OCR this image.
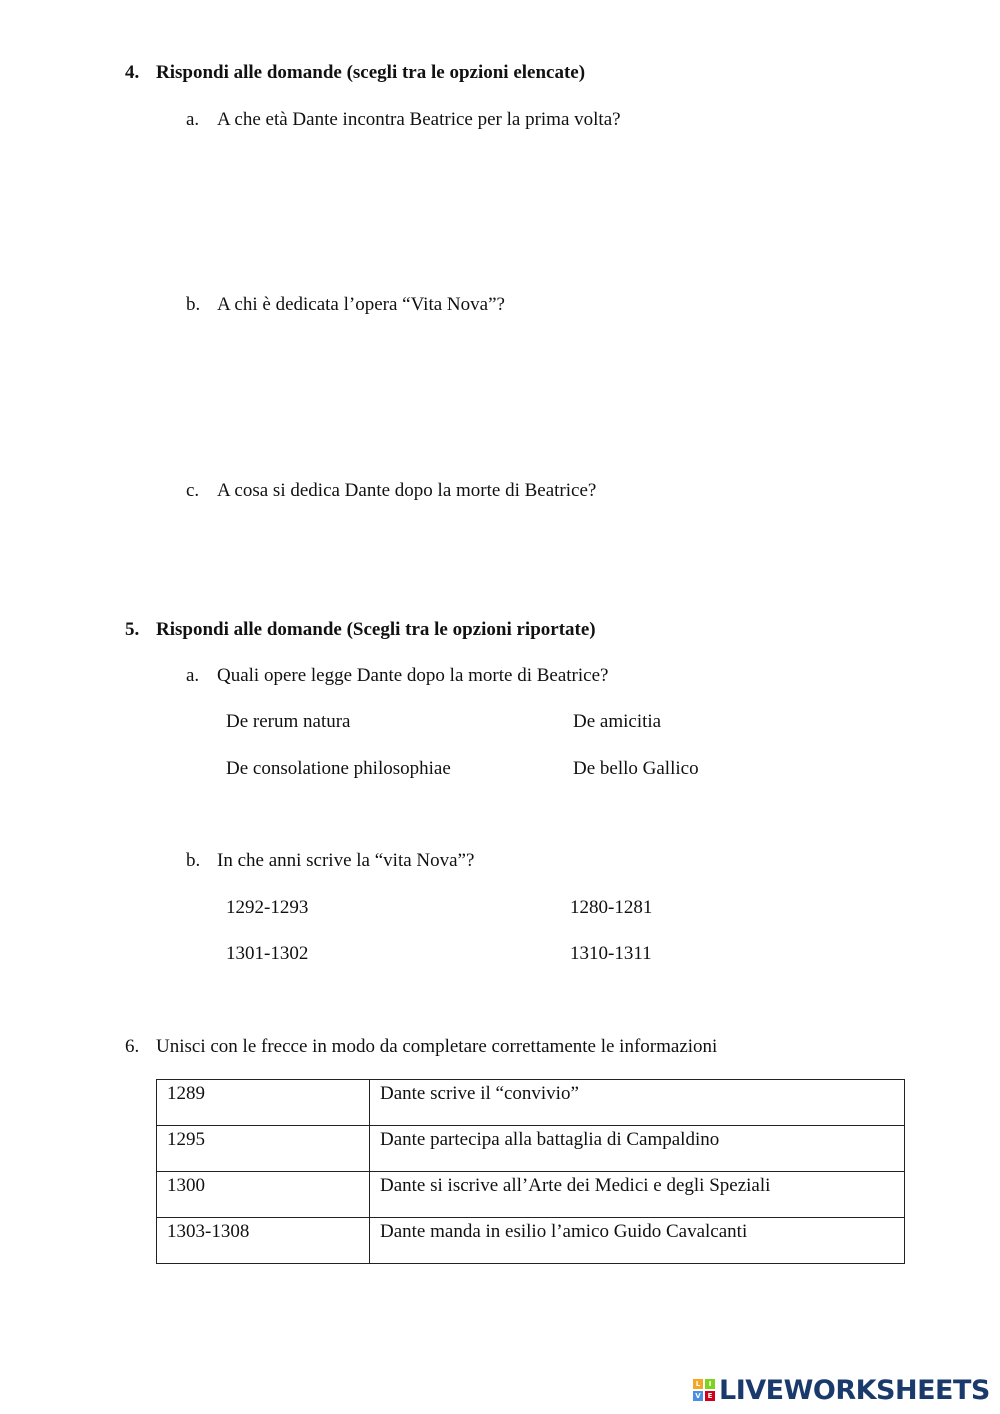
4. Rispondi alle domande (scegli tra le opzioni elencate)
a. A che età Dante incontra Beatrice per la prima volta?
b. A chi è dedicata l’opera “Vita Nova”?
c. A cosa si dedica Dante dopo la morte di Beatrice?
5. Rispondi alle domande (Scegli tra le opzioni riportate)
a. Quali opere legge Dante dopo la morte di Beatrice?
De rerum natura	De amicitia
De consolatione philosophiae	De bello Gallico
b. In che anni scrive la “vita Nova”?
1292-1293	1280-1281
1301-1302	1310-1311
6. Unisci con le frecce in modo da completare correttamente le informazioni
1289	Dante scrive il “convivio”
1295	Dante partecipa alla battaglia di Campaldino
1300	Dante si iscrive all’Arte dei Medici e degli Speziali
1303-1308	Dante manda in esilio l’amico Guido Cavalcanti
L	I
V E LIVEWORKSHEETS
